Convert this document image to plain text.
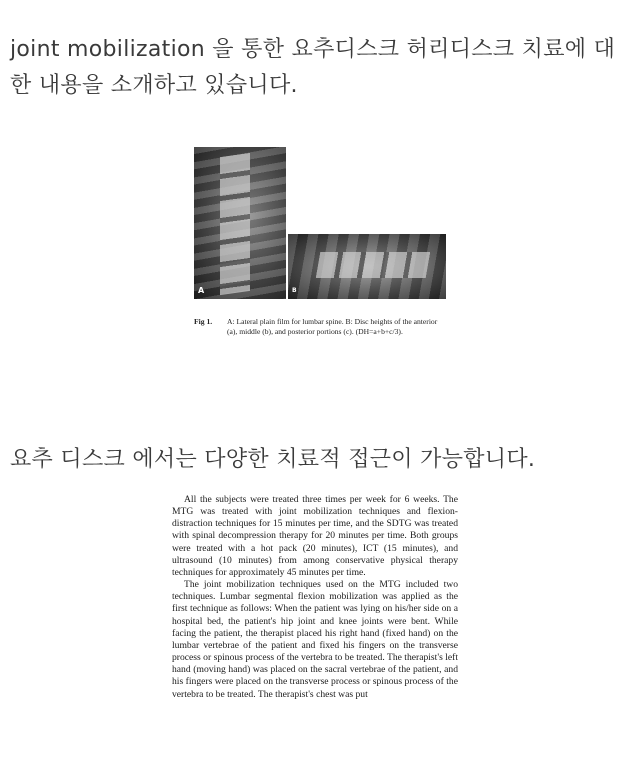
joint mobilization 을 통한 요추디스크 허리디스크 치료에 대한 내용을 소개하고 있습니다.

A	B
Fig 1. A: Lateral plain film for lumbar spine. B: Disc heights of the anterior (a), middle (b), and posterior portions (c). (DH=a+b+c/3).

요추 디스크 에서는 다양한 치료적 접근이 가능합니다.

All the subjects were treated three times per week for 6 weeks. The MTG was treated with joint mobilization techniques and flexion-distraction techniques for 15 minutes per time, and the SDTG was treated with spinal decompression therapy for 20 minutes per time. Both groups were treated with a hot pack (20 minutes), ICT (15 minutes), and ultrasound (10 minutes) from among conservative physical therapy techniques for approximately 45 minutes per time.

The joint mobilization techniques used on the MTG included two techniques. Lumbar segmental flexion mobilization was applied as the first technique as follows: When the patient was lying on his/her side on a hospital bed, the patient's hip joint and knee joints were bent. While facing the patient, the therapist placed his right hand (fixed hand) on the lumbar vertebrae of the patient and fixed his fingers on the transverse process or spinous process of the vertebra to be treated. The therapist's left hand (moving hand) was placed on the sacral vertebrae of the patient, and his fingers were placed on the transverse process or spinous process of the vertebra to be treated. The therapist's chest was put
